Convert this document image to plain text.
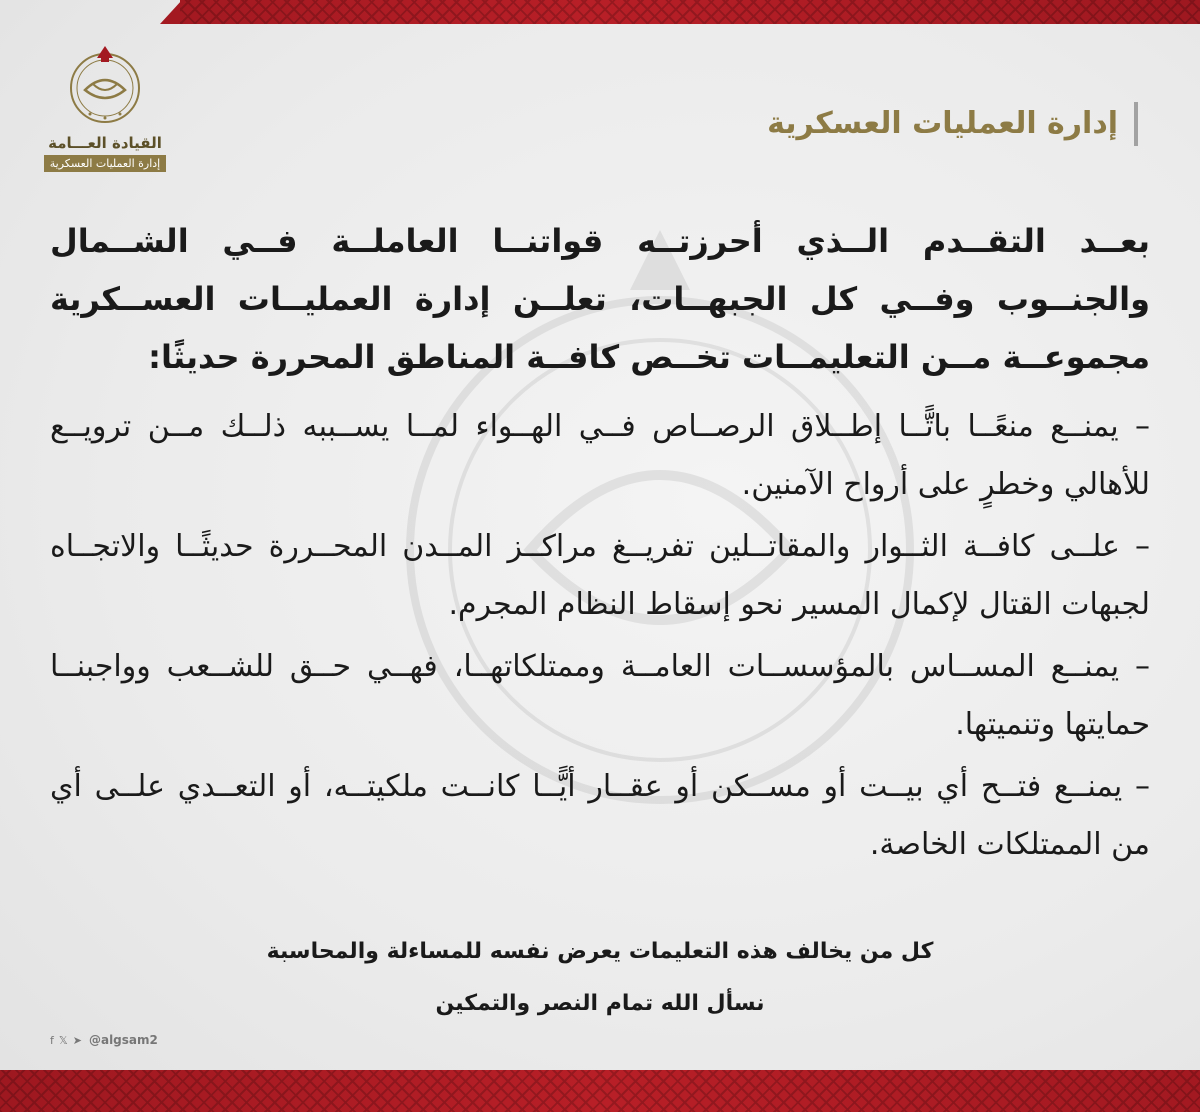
القيادة العـــامة
إدارة العمليات العسكرية
إدارة العمليات العسكرية

بعــد التقــدم الــذي أحرزتــه قواتنــا العاملــة فــي الشــمال والجنــوب وفــي كل الجبهــات، تعلــن إدارة العمليــات العســكرية مجموعــة مــن التعليمــات تخــص كافــة المناطق المحررة حديثًا:

– يمنــع منعًــا باتًّــا إطــلاق الرصــاص فــي الهــواء لمــا يســببه ذلــك مــن ترويــع للأهالي وخطرٍ على أرواح الآمنين.
– علــى كافــة الثــوار والمقاتــلين تفريــغ مراكــز المــدن المحــررة حديثًــا والاتجــاه لجبهات القتال لإكمال المسير نحو إسقاط النظام المجرم.
– يمنــع المســاس بالمؤسســات العامــة وممتلكاتهــا، فهــي حــق للشــعب وواجبنــا حمايتها وتنميتها.
– يمنــع فتــح أي بيــت أو مســكن أو عقــار أيًّــا كانــت ملكيتــه، أو التعــدي علــى أي من الممتلكات الخاصة.
كل من يخالف هذه التعليمات يعرض نفسه للمساءلة والمحاسبة
نسأل الله تمام النصر والتمكين
f 𝕏 ➤ @algsam2
